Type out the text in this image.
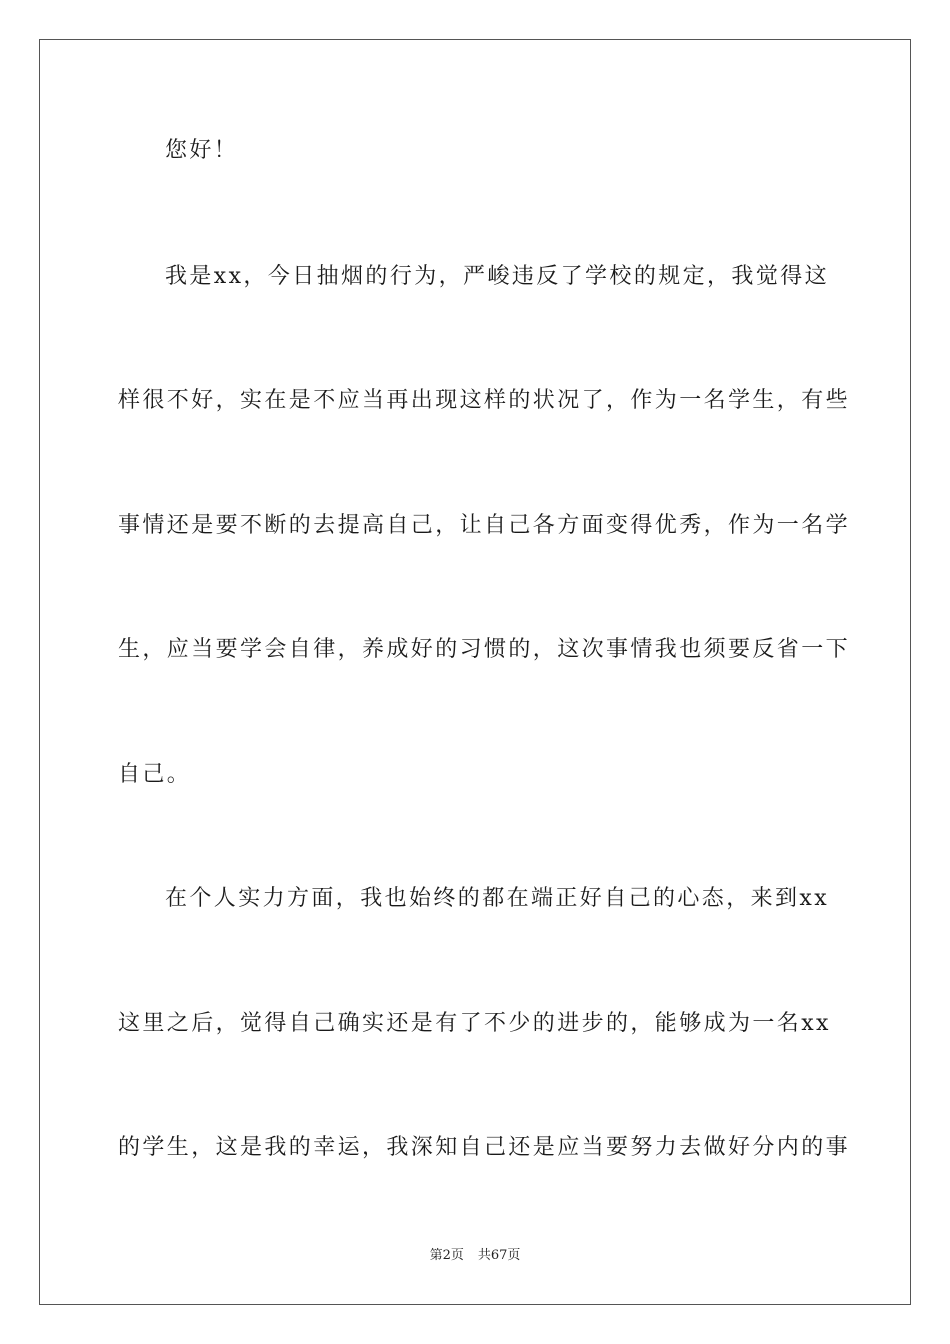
您好！
我是xx，今日抽烟的行为，严峻违反了学校的规定，我觉得这
样很不好，实在是不应当再出现这样的状况了，作为一名学生，有些
事情还是要不断的去提高自己，让自己各方面变得优秀，作为一名学
生，应当要学会自律，养成好的习惯的，这次事情我也须要反省一下
自己。
在个人实力方面，我也始终的都在端正好自己的心态，来到xx
这里之后，觉得自己确实还是有了不少的进步的，能够成为一名xx
的学生，这是我的幸运，我深知自己还是应当要努力去做好分内的事
第2页 共67页
